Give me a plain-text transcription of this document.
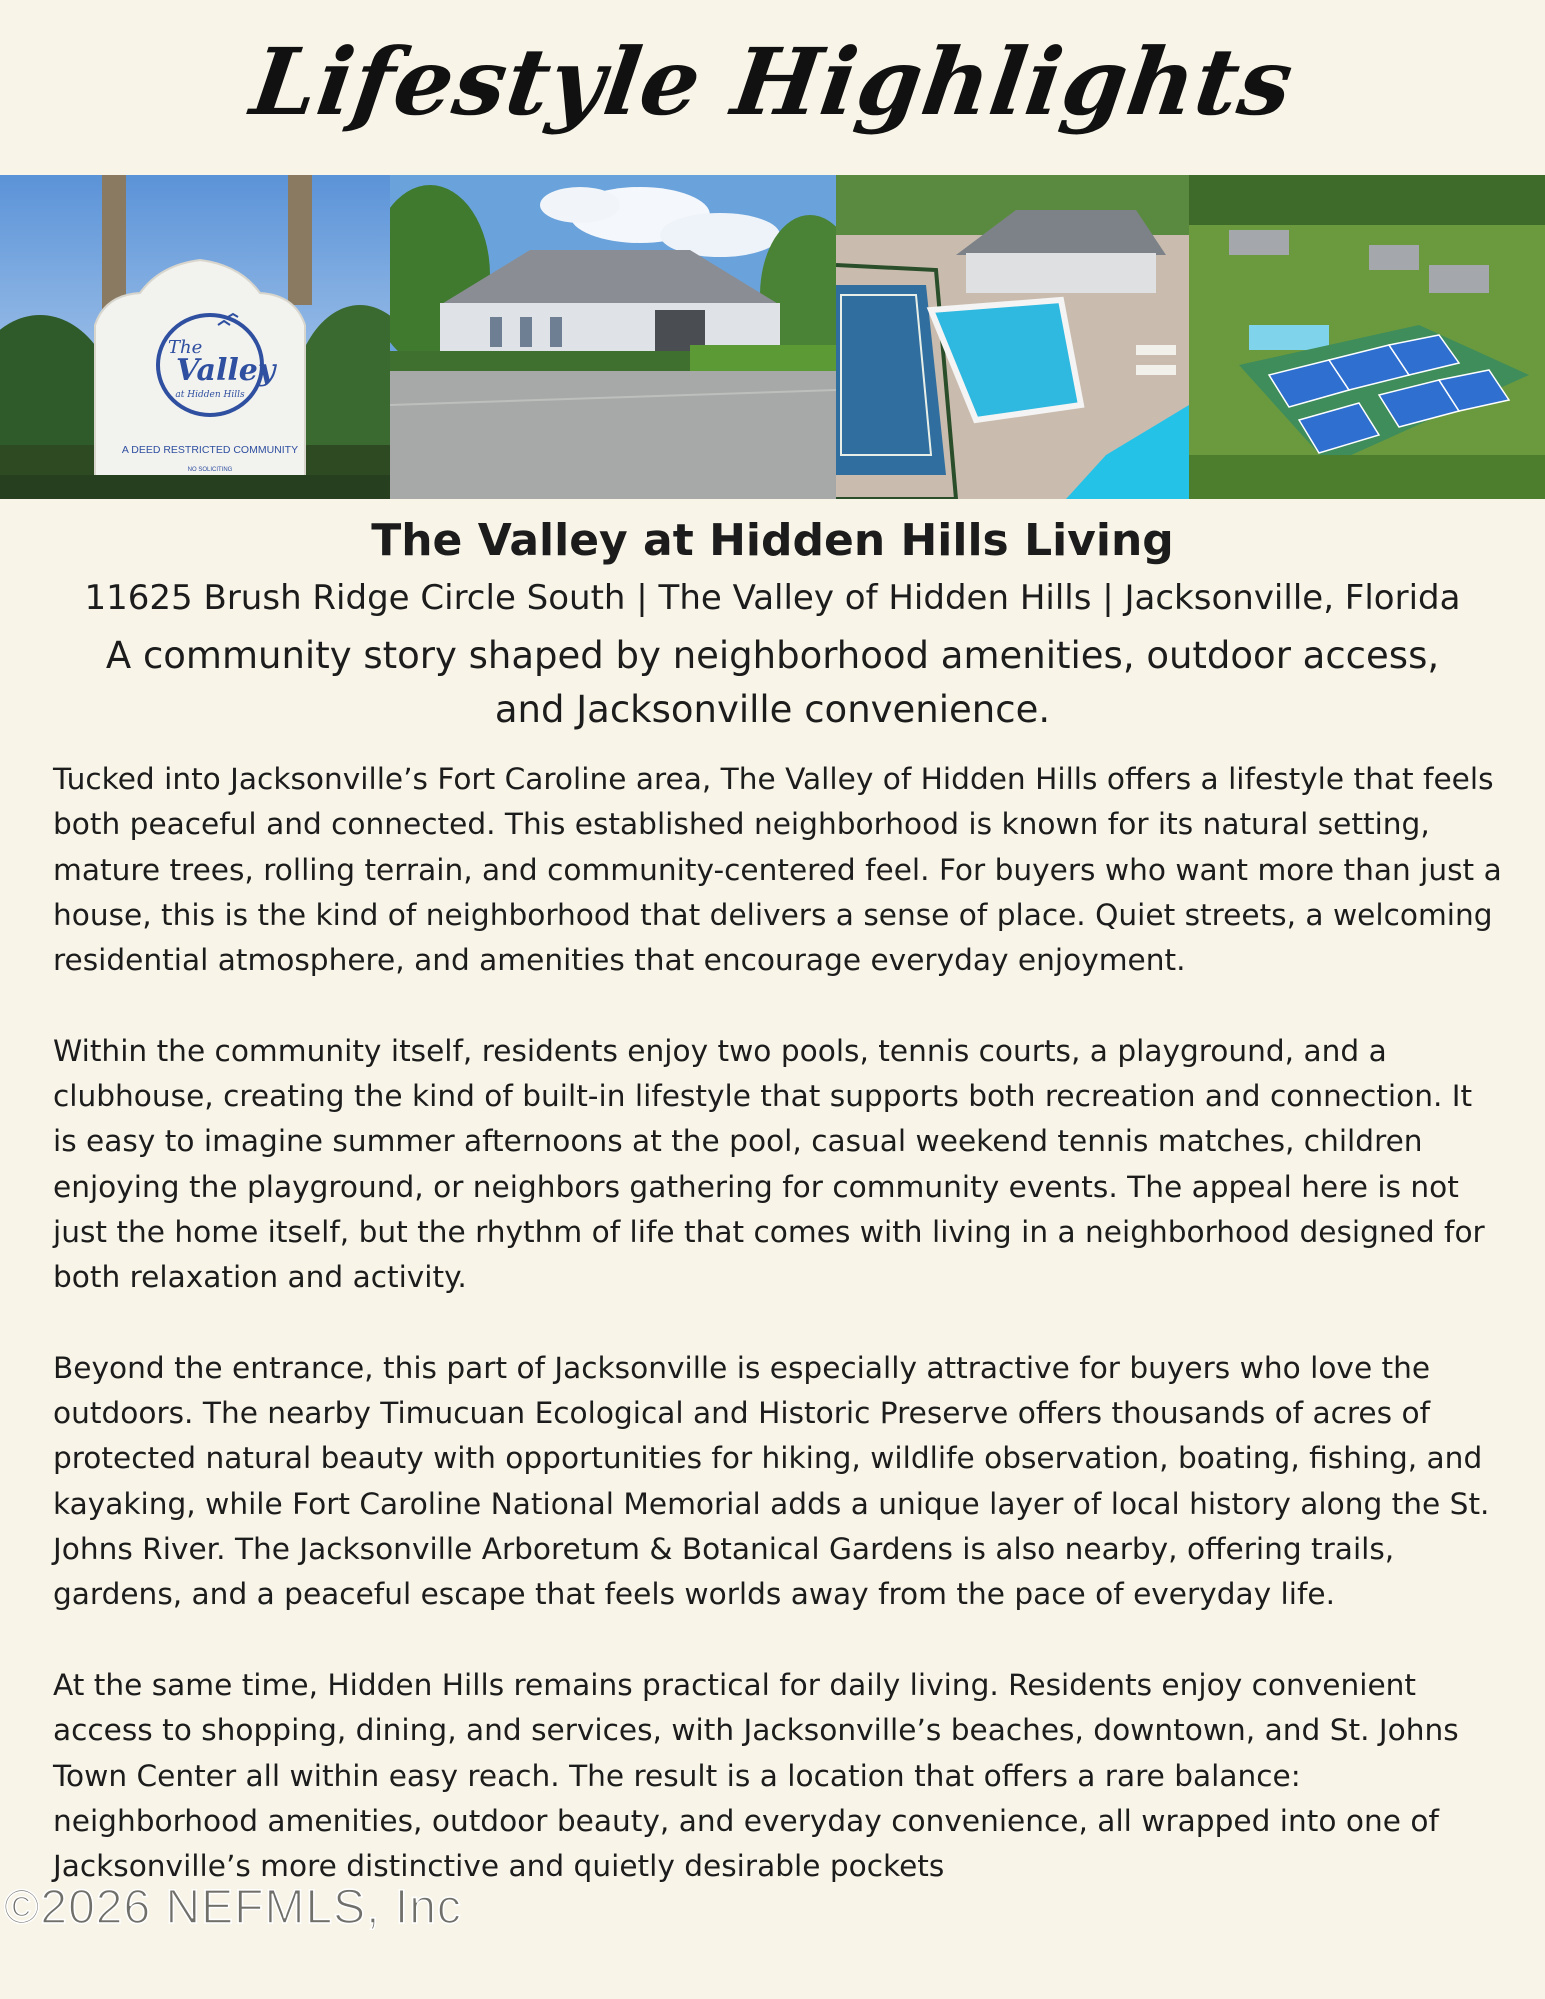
Lifestyle Highlights
The
Valley
at Hidden Hills
A DEED RESTRICTED COMMUNITY
NO SOLICITING
The Valley at Hidden Hills Living
11625 Brush Ridge Circle South | The Valley of Hidden Hills | Jacksonville, Florida
A community story shaped by neighborhood amenities, outdoor access,
and Jacksonville convenience.

Tucked into Jacksonville’s Fort Caroline area, The Valley of Hidden Hills offers a lifestyle that feels both peaceful and connected. This established neighborhood is known for its natural setting, mature trees, rolling terrain, and community-centered feel. For buyers who want more than just a house, this is the kind of neighborhood that delivers a sense of place. Quiet streets, a welcoming residential atmosphere, and amenities that encourage everyday enjoyment.

Within the community itself, residents enjoy two pools, tennis courts, a playground, and a clubhouse, creating the kind of built-in lifestyle that supports both recreation and connection. It is easy to imagine summer afternoons at the pool, casual weekend tennis matches, children enjoying the playground, or neighbors gathering for community events. The appeal here is not just the home itself, but the rhythm of life that comes with living in a neighborhood designed for both relaxation and activity.

Beyond the entrance, this part of Jacksonville is especially attractive for buyers who love the outdoors. The nearby Timucuan Ecological and Historic Preserve offers thousands of acres of protected natural beauty with opportunities for hiking, wildlife observation, boating, fishing, and kayaking, while Fort Caroline National Memorial adds a unique layer of local history along the St. Johns River. The Jacksonville Arboretum & Botanical Gardens is also nearby, offering trails, gardens, and a peaceful escape that feels worlds away from the pace of everyday life.

At the same time, Hidden Hills remains practical for daily living. Residents enjoy convenient access to shopping, dining, and services, with Jacksonville’s beaches, downtown, and St. Johns Town Center all within easy reach. The result is a location that offers a rare balance: neighborhood amenities, outdoor beauty, and everyday convenience, all wrapped into one of Jacksonville’s more distinctive and quietly desirable pockets

©2026 NEFMLS, Inc
